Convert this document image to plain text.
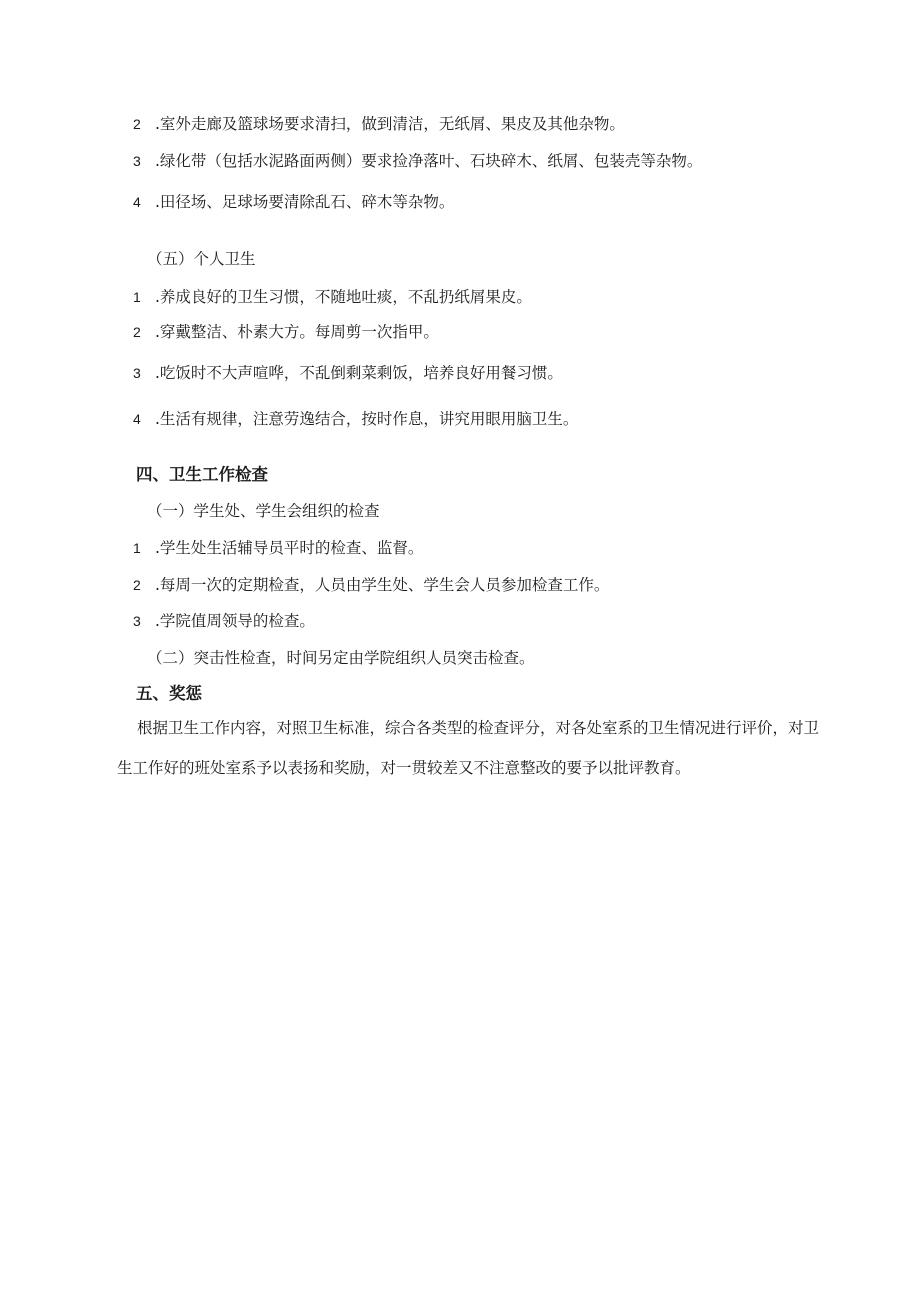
2 .室外走廊及篮球场要求清扫，做到清洁，无纸屑、果皮及其他杂物。
3 .绿化带（包括水泥路面两侧）要求捡净落叶、石块碎木、纸屑、包装壳等杂物。
4 .田径场、足球场要清除乱石、碎木等杂物。
（五）个人卫生
1 .养成良好的卫生习惯，不随地吐痰，不乱扔纸屑果皮。
2 .穿戴整洁、朴素大方。每周剪一次指甲。
3 .吃饭时不大声喧哗，不乱倒剩菜剩饭，培养良好用餐习惯。
4 .生活有规律，注意劳逸结合，按时作息，讲究用眼用脑卫生。
四、卫生工作检查
（一）学生处、学生会组织的检查
1 .学生处生活辅导员平时的检查、监督。
2 .每周一次的定期检查，人员由学生处、学生会人员参加检查工作。
3 .学院值周领导的检查。
（二）突击性检查，时间另定由学院组织人员突击检查。
五、奖惩
根据卫生工作内容，对照卫生标准，综合各类型的检查评分，对各处室系的卫生情况进行评价，对卫生工作好的班处室系予以表扬和奖励，对一贯较差又不注意整改的要予以批评教育。
